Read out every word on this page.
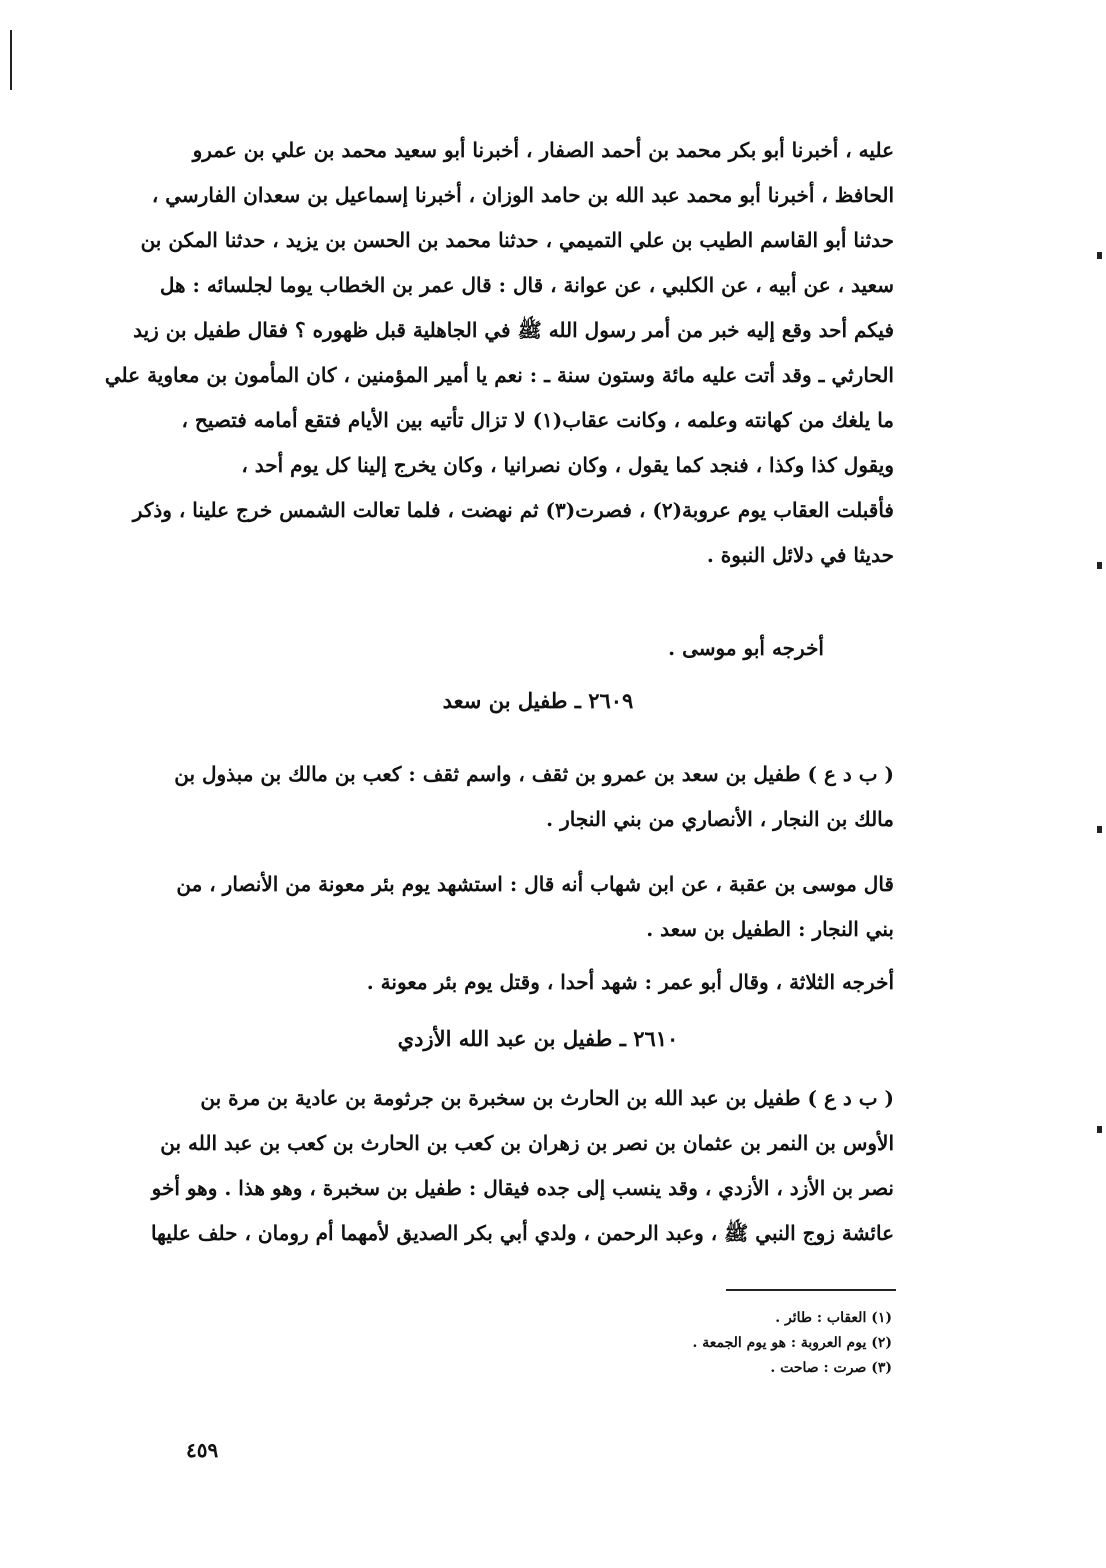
عليه ، أخبرنا أبو بكر محمد بن أحمد الصفار ، أخبرنا أبو سعيد محمد بن علي بن عمرو
الحافظ ، أخبرنا أبو محمد عبد الله بن حامد الوزان ، أخبرنا إسماعيل بن سعدان الفارسي ،
حدثنا أبو القاسم الطيب بن علي التميمي ، حدثنا محمد بن الحسن بن يزيد ، حدثنا المكن بن
سعيد ، عن أبيه ، عن الكلبي ، عن عوانة ، قال : قال عمر بن الخطاب يوما لجلسائه : هل
فيكم أحد وقع إليه خبر من أمر رسول الله ﷺ في الجاهلية قبل ظهوره ؟ فقال طفيل بن زيد
الحارثي ـ وقد أتت عليه مائة وستون سنة ـ : نعم يا أمير المؤمنين ، كان المأمون بن معاوية علي
ما يلغك من كهانته وعلمه ، وكانت عقاب(١) لا تزال تأتيه بين الأيام فتقع أمامه فتصيح ،
ويقول كذا وكذا ، فنجد كما يقول ، وكان نصرانيا ، وكان يخرج إلينا كل يوم أحد ،
فأقبلت العقاب يوم عروبة(٢) ، فصرت(٣) ثم نهضت ، فلما تعالت الشمس خرج علينا ، وذكر
حديثا في دلائل النبوة .
أخرجه أبو موسى .
٢٦٠٩ ـ طفيل بن سعد
( ب د ع ) طفيل بن سعد بن عمرو بن ثقف ، واسم ثقف : كعب بن مالك بن مبذول بن
مالك بن النجار ، الأنصاري من بني النجار .
قال موسى بن عقبة ، عن ابن شهاب أنه قال : استشهد يوم بئر معونة من الأنصار ، من
بني النجار : الطفيل بن سعد .
أخرجه الثلاثة ، وقال أبو عمر : شهد أحدا ، وقتل يوم بئر معونة .
٢٦١٠ ـ طفيل بن عبد الله الأزدي
( ب د ع ) طفيل بن عبد الله بن الحارث بن سخبرة بن جرثومة بن عادية بن مرة بن
الأوس بن النمر بن عثمان بن نصر بن زهران بن كعب بن الحارث بن كعب بن عبد الله بن
نصر بن الأزد ، الأزدي ، وقد ينسب إلى جده فيقال : طفيل بن سخبرة ، وهو هذا . وهو أخو
عائشة زوج النبي ﷺ ، وعبد الرحمن ، ولدي أبي بكر الصديق لأمهما أم رومان ، حلف عليها
(١) العقاب : طائر .
(٢) يوم العروبة : هو يوم الجمعة .
(٣) صرت : صاحت .
٤٥٩
